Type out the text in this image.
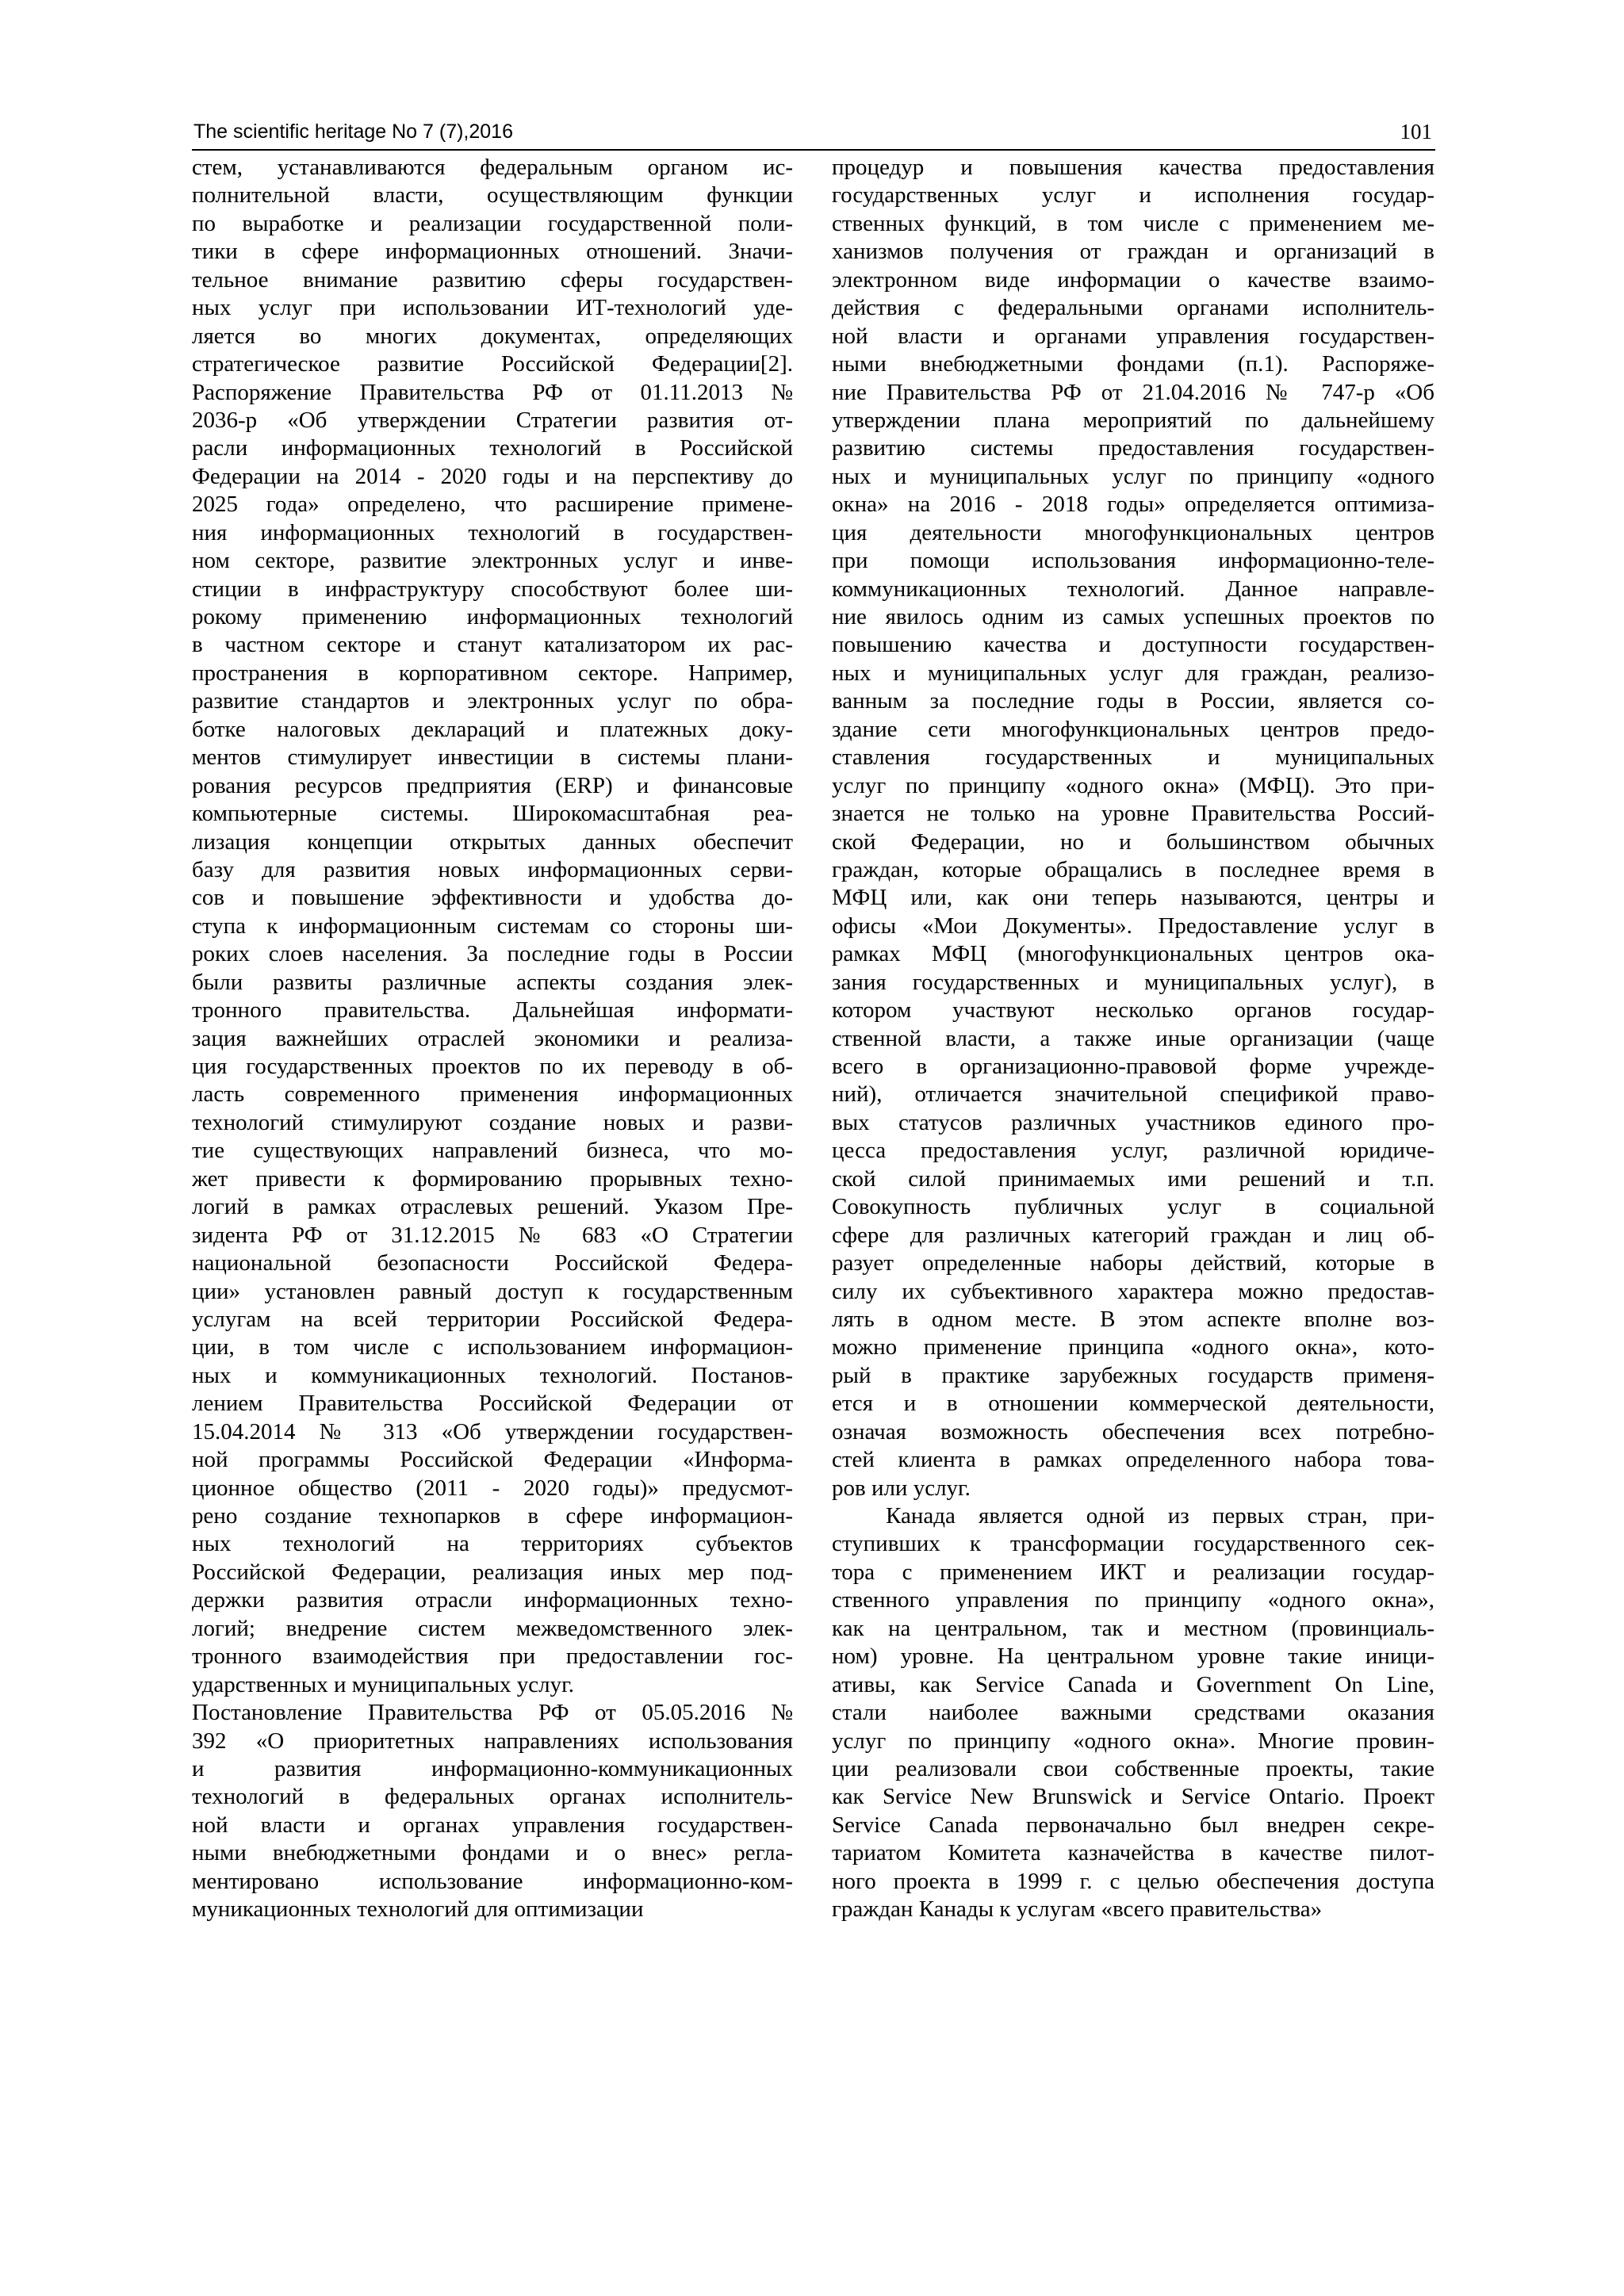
The scientific heritage No 7 (7),2016	101
стем, устанавливаются федеральным органом ис-
полнительной власти, осуществляющим функции
по выработке и реализации государственной поли-
тики в сфере информационных отношений. Значи-
тельное внимание развитию сферы государствен-
ных услуг при использовании ИТ-технологий уде-
ляется во многих документах, определяющих
стратегическое развитие Российской Федерации[2].
Распоряжение Правительства РФ от 01.11.2013 №
2036-р «Об утверждении Стратегии развития от-
расли информационных технологий в Российской
Федерации на 2014 - 2020 годы и на перспективу до
2025 года» определено, что расширение примене-
ния информационных технологий в государствен-
ном секторе, развитие электронных услуг и инве-
стиции в инфраструктуру способствуют более ши-
рокому применению информационных технологий
в частном секторе и станут катализатором их рас-
пространения в корпоративном секторе. Например,
развитие стандартов и электронных услуг по обра-
ботке налоговых деклараций и платежных доку-
ментов стимулирует инвестиции в системы плани-
рования ресурсов предприятия (ERP) и финансовые
компьютерные системы. Широкомасштабная реа-
лизация концепции открытых данных обеспечит
базу для развития новых информационных серви-
сов и повышение эффективности и удобства до-
ступа к информационным системам со стороны ши-
роких слоев населения. За последние годы в России
были развиты различные аспекты создания элек-
тронного правительства. Дальнейшая информати-
зация важнейших отраслей экономики и реализа-
ция государственных проектов по их переводу в об-
ласть современного применения информационных
технологий стимулируют создание новых и разви-
тие существующих направлений бизнеса, что мо-
жет привести к формированию прорывных техно-
логий в рамках отраслевых решений. Указом Пре-
зидента РФ от 31.12.2015 № 683 «О Стратегии
национальной безопасности Российской Федера-
ции» установлен равный доступ к государственным
услугам на всей территории Российской Федера-
ции, в том числе с использованием информацион-
ных и коммуникационных технологий. Постанов-
лением Правительства Российской Федерации от
15.04.2014 № 313 «Об утверждении государствен-
ной программы Российской Федерации «Информа-
ционное общество (2011 - 2020 годы)» предусмот-
рено создание технопарков в сфере информацион-
ных технологий на территориях субъектов
Российской Федерации, реализация иных мер под-
держки развития отрасли информационных техно-
логий; внедрение систем межведомственного элек-
тронного взаимодействия при предоставлении гос-
ударственных и муниципальных услуг.
Постановление Правительства РФ от 05.05.2016 №
392 «О приоритетных направлениях использования
и развития информационно-коммуникационных
технологий в федеральных органах исполнитель-
ной власти и органах управления государствен-
ными внебюджетными фондами и о внес» регла-
ментировано использование информационно-ком-
муникационных технологий для оптимизации
процедур и повышения качества предоставления
государственных услуг и исполнения государ-
ственных функций, в том числе с применением ме-
ханизмов получения от граждан и организаций в
электронном виде информации о качестве взаимо-
действия с федеральными органами исполнитель-
ной власти и органами управления государствен-
ными внебюджетными фондами (п.1). Распоряже-
ние Правительства РФ от 21.04.2016 № 747-р «Об
утверждении плана мероприятий по дальнейшему
развитию системы предоставления государствен-
ных и муниципальных услуг по принципу «одного
окна» на 2016 - 2018 годы» определяется оптимиза-
ция деятельности многофункциональных центров
при помощи использования информационно-теле-
коммуникационных технологий. Данное направле-
ние явилось одним из самых успешных проектов по
повышению качества и доступности государствен-
ных и муниципальных услуг для граждан, реализо-
ванным за последние годы в России, является со-
здание сети многофункциональных центров предо-
ставления государственных и муниципальных
услуг по принципу «одного окна» (МФЦ). Это при-
знается не только на уровне Правительства Россий-
ской Федерации, но и большинством обычных
граждан, которые обращались в последнее время в
МФЦ или, как они теперь называются, центры и
офисы «Мои Документы». Предоставление услуг в
рамках МФЦ (многофункциональных центров ока-
зания государственных и муниципальных услуг), в
котором участвуют несколько органов государ-
ственной власти, а также иные организации (чаще
всего в организационно-правовой форме учрежде-
ний), отличается значительной спецификой право-
вых статусов различных участников единого про-
цесса предоставления услуг, различной юридиче-
ской силой принимаемых ими решений и т.п.
Совокупность публичных услуг в социальной
сфере для различных категорий граждан и лиц об-
разует определенные наборы действий, которые в
силу их субъективного характера можно предостав-
лять в одном месте. В этом аспекте вполне воз-
можно применение принципа «одного окна», кото-
рый в практике зарубежных государств применя-
ется и в отношении коммерческой деятельности,
означая возможность обеспечения всех потребно-
стей клиента в рамках определенного набора това-
ров или услуг.
Канада является одной из первых стран, при-
ступивших к трансформации государственного сек-
тора с применением ИКТ и реализации государ-
ственного управления по принципу «одного окна»,
как на центральном, так и местном (провинциаль-
ном) уровне. На центральном уровне такие иници-
ативы, как Service Canada и Government On Line,
стали наиболее важными средствами оказания
услуг по принципу «одного окна». Многие провин-
ции реализовали свои собственные проекты, такие
как Service New Brunswick и Service Ontario. Проект
Service Canada первоначально был внедрен секре-
тариатом Комитета казначейства в качестве пилот-
ного проекта в 1999 г. с целью обеспечения доступа
граждан Канады к услугам «всего правительства»
